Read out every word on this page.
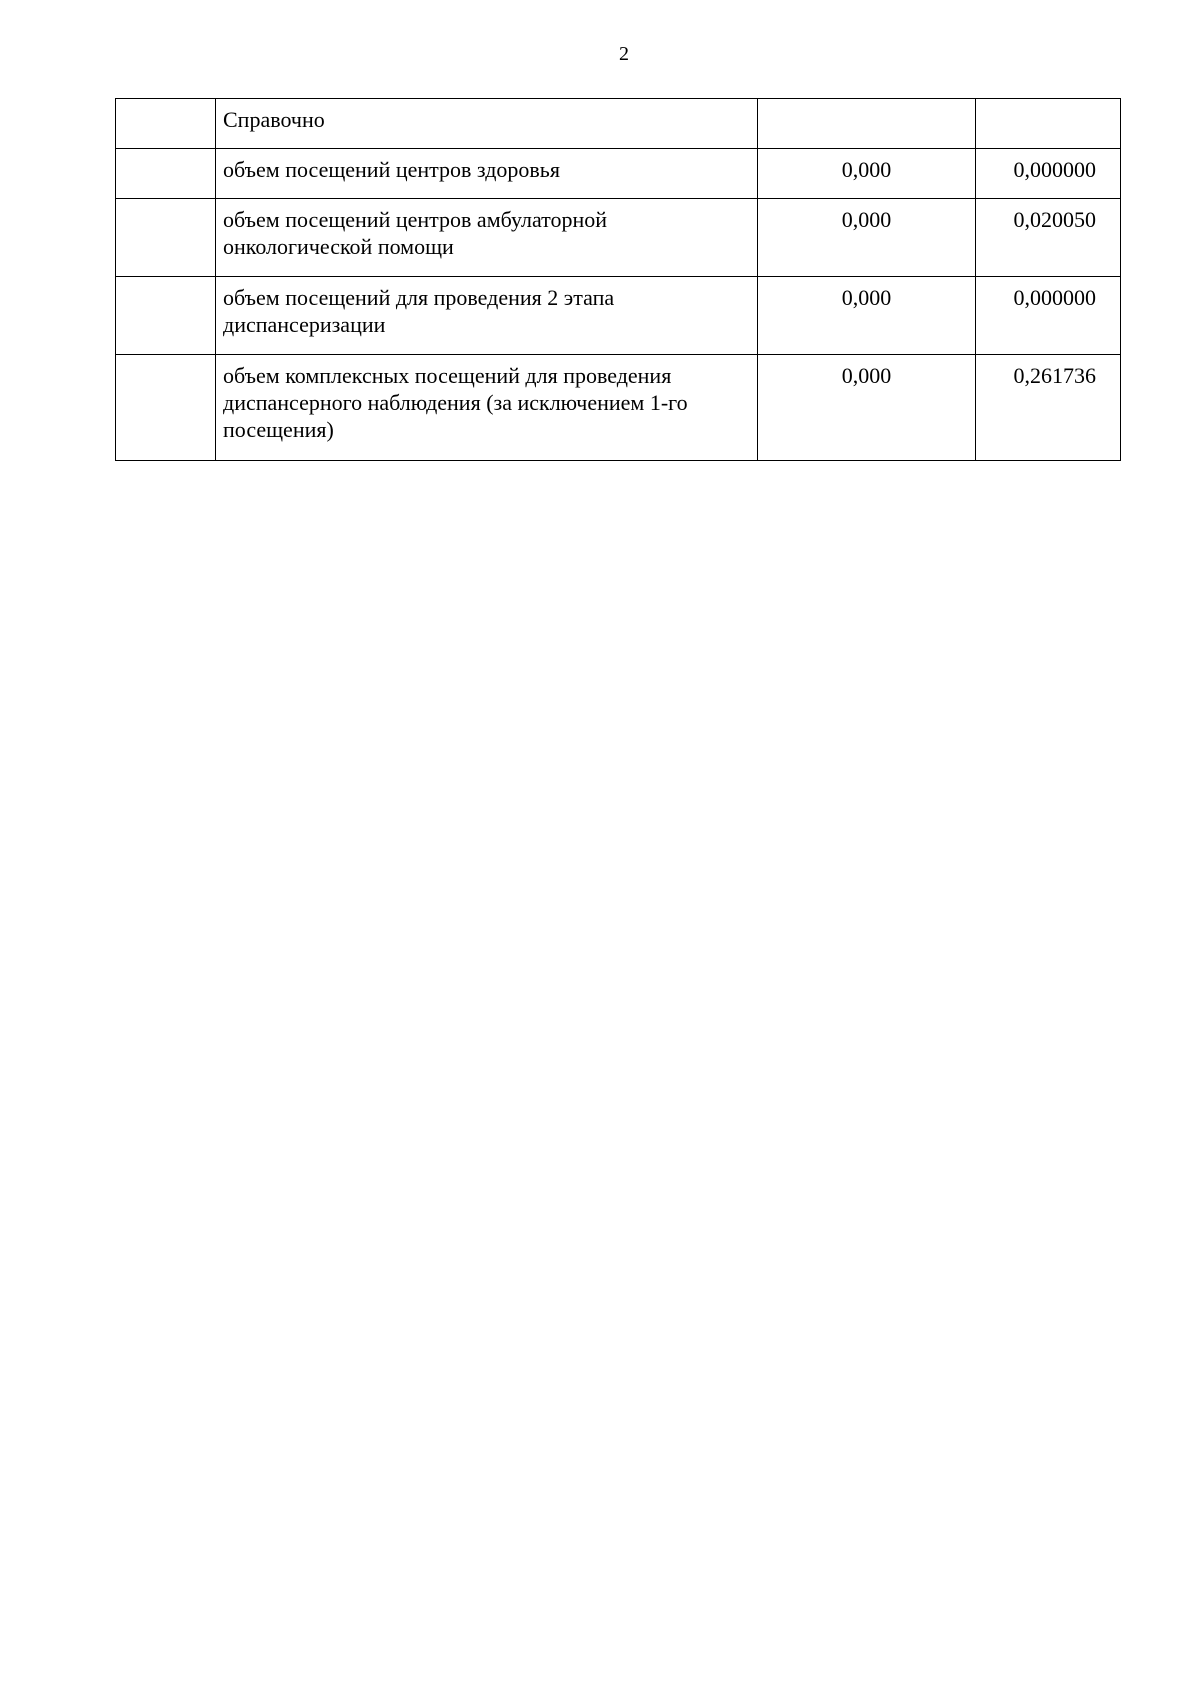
2
	Справочно		
	объем посещений центров здоровья	0,000	0,000000
	объем посещений центров амбулаторной онкологической помощи	0,000	0,020050
	объем посещений для проведения 2 этапа диспансеризации	0,000	0,000000
	объем комплексных посещений для проведения диспансерного наблюдения (за исключением 1-го посещения)	0,000	0,261736
